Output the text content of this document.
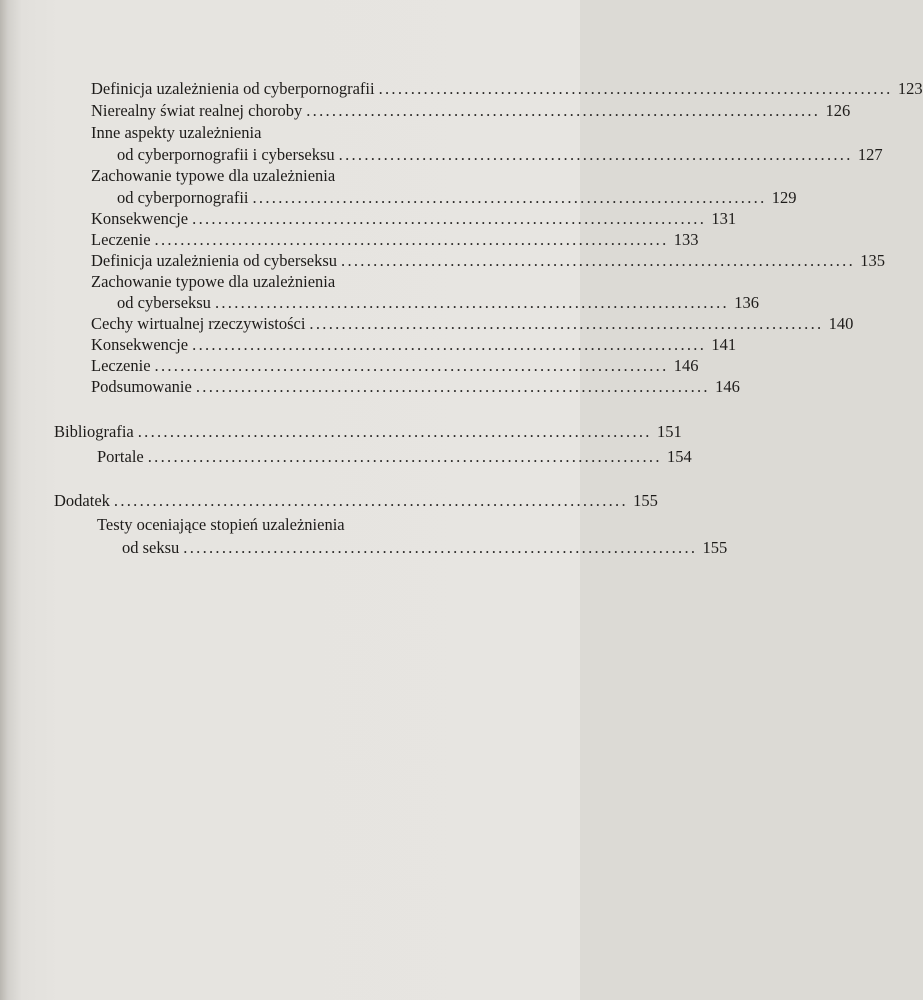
Definicja uzależnienia od cyberpornografii ................................................................................ 123
Nierealny świat realnej choroby ................................................................................ 126
Inne aspekty uzależnienia
od cyberpornografii i cyberseksu ................................................................................ 127
Zachowanie typowe dla uzależnienia
od cyberpornografii ................................................................................ 129
Konsekwencje ................................................................................ 131
Leczenie ................................................................................ 133
Definicja uzależnienia od cyberseksu ................................................................................ 135
Zachowanie typowe dla uzależnienia
od cyberseksu ................................................................................ 136
Cechy wirtualnej rzeczywistości ................................................................................ 140
Konsekwencje ................................................................................ 141
Leczenie ................................................................................ 146
Podsumowanie ................................................................................ 146
Bibliografia ................................................................................ 151
Portale ................................................................................ 154
Dodatek ................................................................................ 155
Testy oceniające stopień uzależnienia
od seksu ................................................................................ 155
